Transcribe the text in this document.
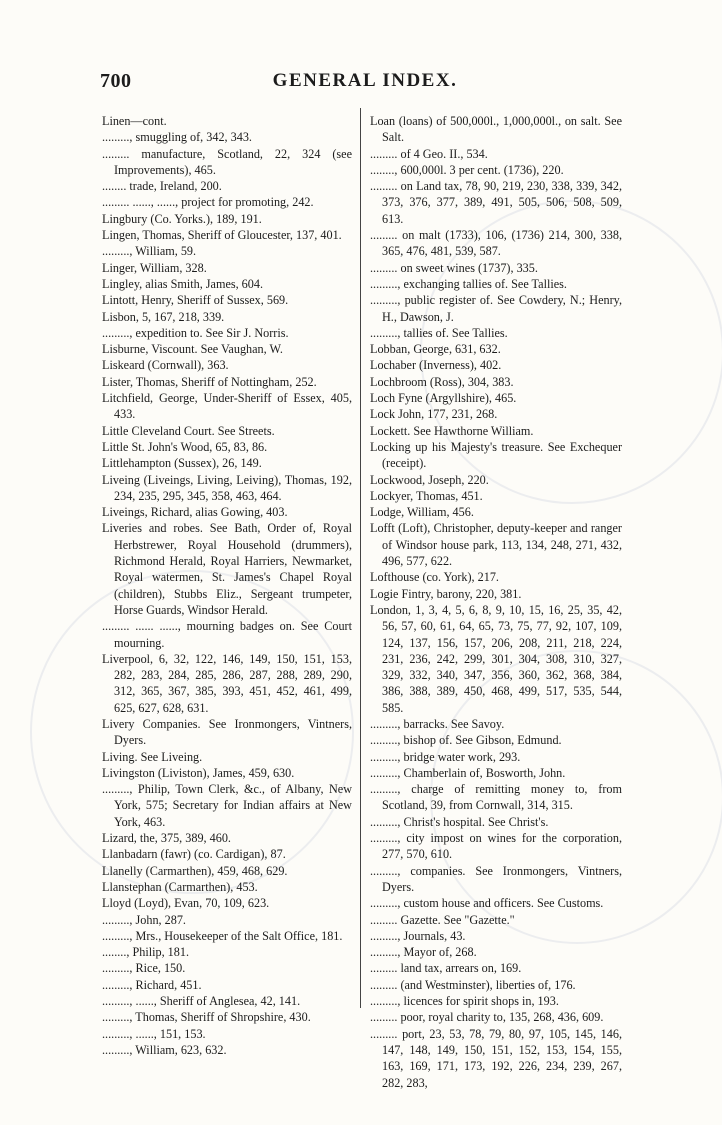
700	GENERAL INDEX.
Linen—cont.
........., smuggling of, 342, 343.
......... manufacture, Scotland, 22, 324 (see Improvements), 465.
........ trade, Ireland, 200.
......... ......, ......, project for promoting, 242.
Lingbury (Co. Yorks.), 189, 191.
Lingen, Thomas, Sheriff of Gloucester, 137, 401.
........., William, 59.
Linger, William, 328.
Lingley, alias Smith, James, 604.
Lintott, Henry, Sheriff of Sussex, 569.
Lisbon, 5, 167, 218, 339.
........., expedition to. See Sir J. Norris.
Lisburne, Viscount. See Vaughan, W.
Liskeard (Cornwall), 363.
Lister, Thomas, Sheriff of Nottingham, 252.
Litchfield, George, Under-Sheriff of Essex, 405, 433.
Little Cleveland Court. See Streets.
Little St. John's Wood, 65, 83, 86.
Littlehampton (Sussex), 26, 149.
Liveing (Liveings, Living, Leiving), Thomas, 192, 234, 235, 295, 345, 358, 463, 464.
Liveings, Richard, alias Gowing, 403.
Liveries and robes. See Bath, Order of, Royal Herbstrewer, Royal Household (drummers), Richmond Herald, Royal Harriers, Newmarket, Royal watermen, St. James's Chapel Royal (children), Stubbs Eliz., Sergeant trumpeter, Horse Guards, Windsor Herald.
......... ...... ......, mourning badges on. See Court mourning.
Liverpool, 6, 32, 122, 146, 149, 150, 151, 153, 282, 283, 284, 285, 286, 287, 288, 289, 290, 312, 365, 367, 385, 393, 451, 452, 461, 499, 625, 627, 628, 631.
Livery Companies. See Ironmongers, Vintners, Dyers.
Living. See Liveing.
Livingston (Liviston), James, 459, 630.
........., Philip, Town Clerk, &c., of Albany, New York, 575; Secretary for Indian affairs at New York, 463.
Lizard, the, 375, 389, 460.
Llanbadarn (fawr) (co. Cardigan), 87.
Llanelly (Carmarthen), 459, 468, 629.
Llanstephan (Carmarthen), 453.
Lloyd (Loyd), Evan, 70, 109, 623.
........., John, 287.
........., Mrs., Housekeeper of the Salt Office, 181.
........, Philip, 181.
........., Rice, 150.
........., Richard, 451.
........., ......, Sheriff of Anglesea, 42, 141.
........., Thomas, Sheriff of Shropshire, 430.
........., ......, 151, 153.
........., William, 623, 632.
Loan (loans) of 500,000l., 1,000,000l., on salt. See Salt.
......... of 4 Geo. II., 534.
........, 600,000l. 3 per cent. (1736), 220.
......... on Land tax, 78, 90, 219, 230, 338, 339, 342, 373, 376, 377, 389, 491, 505, 506, 508, 509, 613.
......... on malt (1733), 106, (1736) 214, 300, 338, 365, 476, 481, 539, 587.
......... on sweet wines (1737), 335.
........., exchanging tallies of. See Tallies.
........., public register of. See Cowdery, N.; Henry, H., Dawson, J.
........., tallies of. See Tallies.
Lobban, George, 631, 632.
Lochaber (Inverness), 402.
Lochbroom (Ross), 304, 383.
Loch Fyne (Argyllshire), 465.
Lock John, 177, 231, 268.
Lockett. See Hawthorne William.
Locking up his Majesty's treasure. See Exchequer (receipt).
Lockwood, Joseph, 220.
Lockyer, Thomas, 451.
Lodge, William, 456.
Lofft (Loft), Christopher, deputy-keeper and ranger of Windsor house park, 113, 134, 248, 271, 432, 496, 577, 622.
Lofthouse (co. York), 217.
Logie Fintry, barony, 220, 381.
London, 1, 3, 4, 5, 6, 8, 9, 10, 15, 16, 25, 35, 42, 56, 57, 60, 61, 64, 65, 73, 75, 77, 92, 107, 109, 124, 137, 156, 157, 206, 208, 211, 218, 224, 231, 236, 242, 299, 301, 304, 308, 310, 327, 329, 332, 340, 347, 356, 360, 362, 368, 384, 386, 388, 389, 450, 468, 499, 517, 535, 544, 585.
........., barracks. See Savoy.
........., bishop of. See Gibson, Edmund.
........., bridge water work, 293.
........., Chamberlain of, Bosworth, John.
........., charge of remitting money to, from Scotland, 39, from Cornwall, 314, 315.
........., Christ's hospital. See Christ's.
........., city impost on wines for the corporation, 277, 570, 610.
........., companies. See Ironmongers, Vintners, Dyers.
........., custom house and officers. See Customs.
......... Gazette. See "Gazette."
........., Journals, 43.
........., Mayor of, 268.
......... land tax, arrears on, 169.
......... (and Westminster), liberties of, 176.
........., licences for spirit shops in, 193.
......... poor, royal charity to, 135, 268, 436, 609.
......... port, 23, 53, 78, 79, 80, 97, 105, 145, 146, 147, 148, 149, 150, 151, 152, 153, 154, 155, 163, 169, 171, 173, 192, 226, 234, 239, 267, 282, 283,
